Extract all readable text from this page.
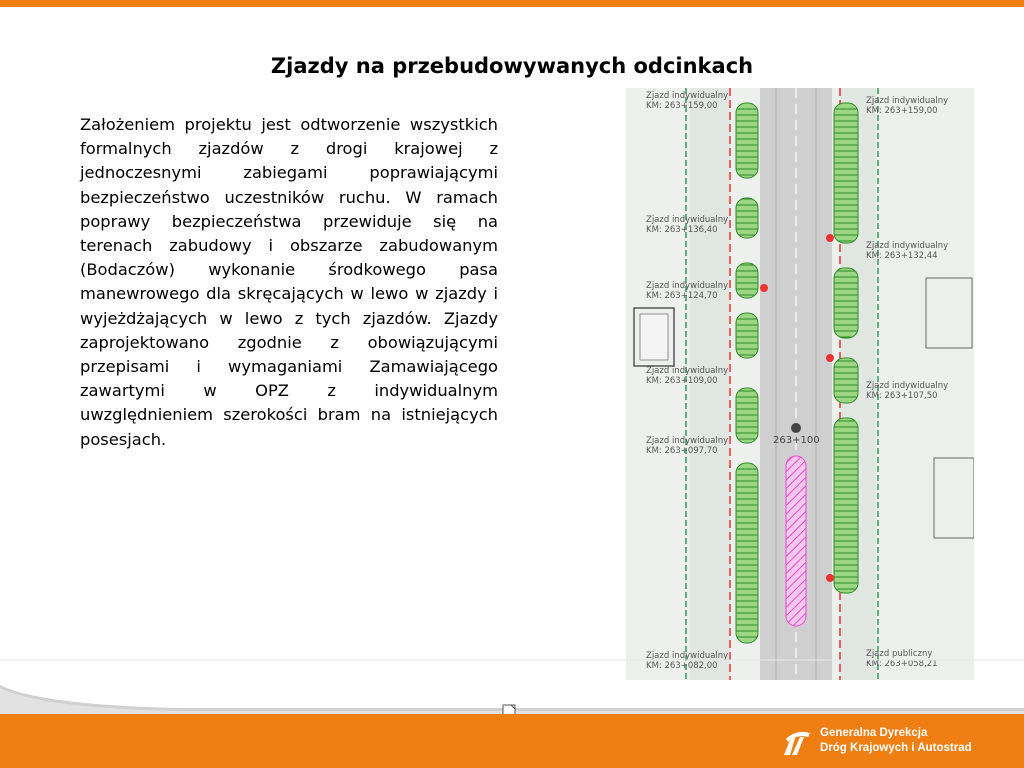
Zjazdy na przebudowywanych odcinkach

Założeniem projektu jest odtworzenie wszystkich formalnych zjazdów z drogi krajowej z jednoczesnymi zabiegami poprawiającymi bezpieczeństwo uczestników ruchu. W ramach poprawy bezpieczeństwa przewiduje się na terenach zabudowy i obszarze zabudowanym (Bodaczów) wykonanie środkowego pasa manewrowego dla skręcających w lewo w zjazdy i wyjeżdżających w lewo z tych zjazdów. Zjazdy zaprojektowano zgodnie z obowiązującymi przepisami i wymaganiami Zamawiającego zawartymi w OPZ z indywidualnym uwzględnieniem szerokości bram na istniejących posesjach.	263+100
Zjazd indywidualny
KM: 263+159,00
Zjazd indywidualny
KM: 263+136,40
Zjazd indywidualny
KM: 263+124,70
Zjazd indywidualny
KM: 263+109,00
Zjazd indywidualny
KM: 263+097,70
Zjazd indywidualny
KM: 263+082,00
Zjazd indywidualny
KM: 263+159,00
Zjazd indywidualny
KM: 263+132,44
Zjazd indywidualny
KM: 263+107,50
Zjazd publiczny
KM: 263+058,21
Generalna Dyrekcja
Dróg Krajowych i Autostrad
